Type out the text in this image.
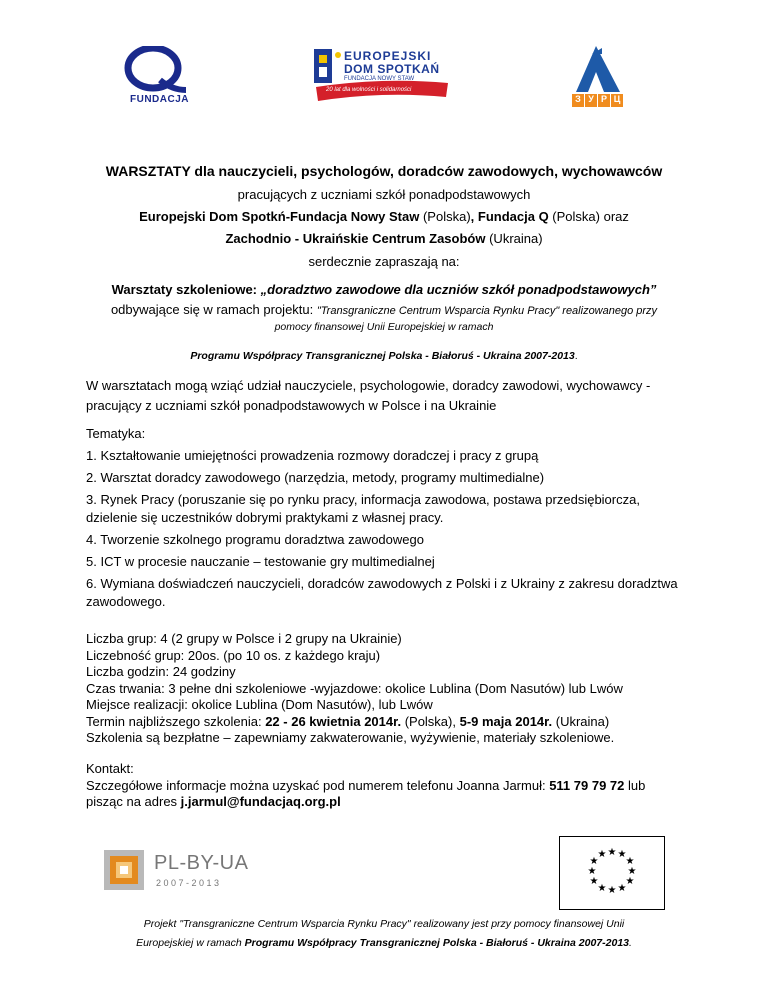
FUNDACJA
EUROPEJSKI
DOM SPOTKAŃ
FUNDACJA NOWY STAW
20 lat dla wolności i solidarności
З У Р Ц
WARSZTATY dla nauczycieli, psychologów, doradców zawodowych, wychowawców
pracujących z uczniami szkół ponadpodstawowych
Europejski Dom Spotkń-Fundacja Nowy Staw (Polska), Fundacja Q (Polska) oraz
Zachodnio - Ukraińskie Centrum Zasobów (Ukraina)
serdecznie zapraszają na:
Warsztaty szkoleniowe: „doradztwo zawodowe dla uczniów szkół ponadpodstawowych”
odbywające się w ramach projektu: "Transgraniczne Centrum Wsparcia Rynku Pracy" realizowanego przy
pomocy finansowej Unii Europejskiej w ramach
Programu Współpracy Transgranicznej Polska - Białoruś - Ukraina 2007-2013.
W warsztatach mogą wziąć udział nauczyciele, psychologowie, doradcy zawodowi, wychowawcy -
pracujący z uczniami szkół ponadpodstawowych w Polsce i na Ukrainie
Tematyka:
1. Kształtowanie umiejętności prowadzenia rozmowy doradczej i pracy z grupą
2. Warsztat doradcy zawodowego (narzędzia, metody, programy multimedialne)
3. Rynek Pracy (poruszanie się po rynku pracy, informacja zawodowa, postawa przedsiębiorcza,
dzielenie się uczestników dobrymi praktykami z własnej pracy.
4. Tworzenie szkolnego programu doradztwa zawodowego
5. ICT w procesie nauczanie – testowanie gry multimedialnej
6. Wymiana doświadczeń nauczycieli, doradców zawodowych z Polski i z Ukrainy z zakresu doradztwa
zawodowego.
Liczba grup: 4 (2 grupy w Polsce i 2 grupy na Ukrainie)
Liczebność grup: 20os. (po 10 os. z każdego kraju)
Liczba godzin: 24 godziny
Czas trwania: 3 pełne dni szkoleniowe -wyjazdowe: okolice Lublina (Dom Nasutów) lub Lwów
Miejsce realizacji: okolice Lublina (Dom Nasutów), lub Lwów
Termin najbliższego szkolenia: 22 - 26 kwietnia 2014r. (Polska), 5-9 maja 2014r. (Ukraina)
Szkolenia są bezpłatne – zapewniamy zakwaterowanie, wyżywienie, materiały szkoleniowe.
Kontakt:
Szczegółowe informacje można uzyskać pod numerem telefonu Joanna Jarmuł: 511 79 79 72 lub
pisząc na adres j.jarmul@fundacjaq.org.pl
PL-BY-UA
2 0 0 7 - 2 0 1 3
★ ★
★
★
★
★
★
★
★
★
★
★
Projekt "Transgraniczne Centrum Wsparcia Rynku Pracy" realizowany jest przy pomocy finansowej Unii
Europejskiej w ramach Programu Współpracy Transgranicznej Polska - Białoruś - Ukraina 2007-2013.
